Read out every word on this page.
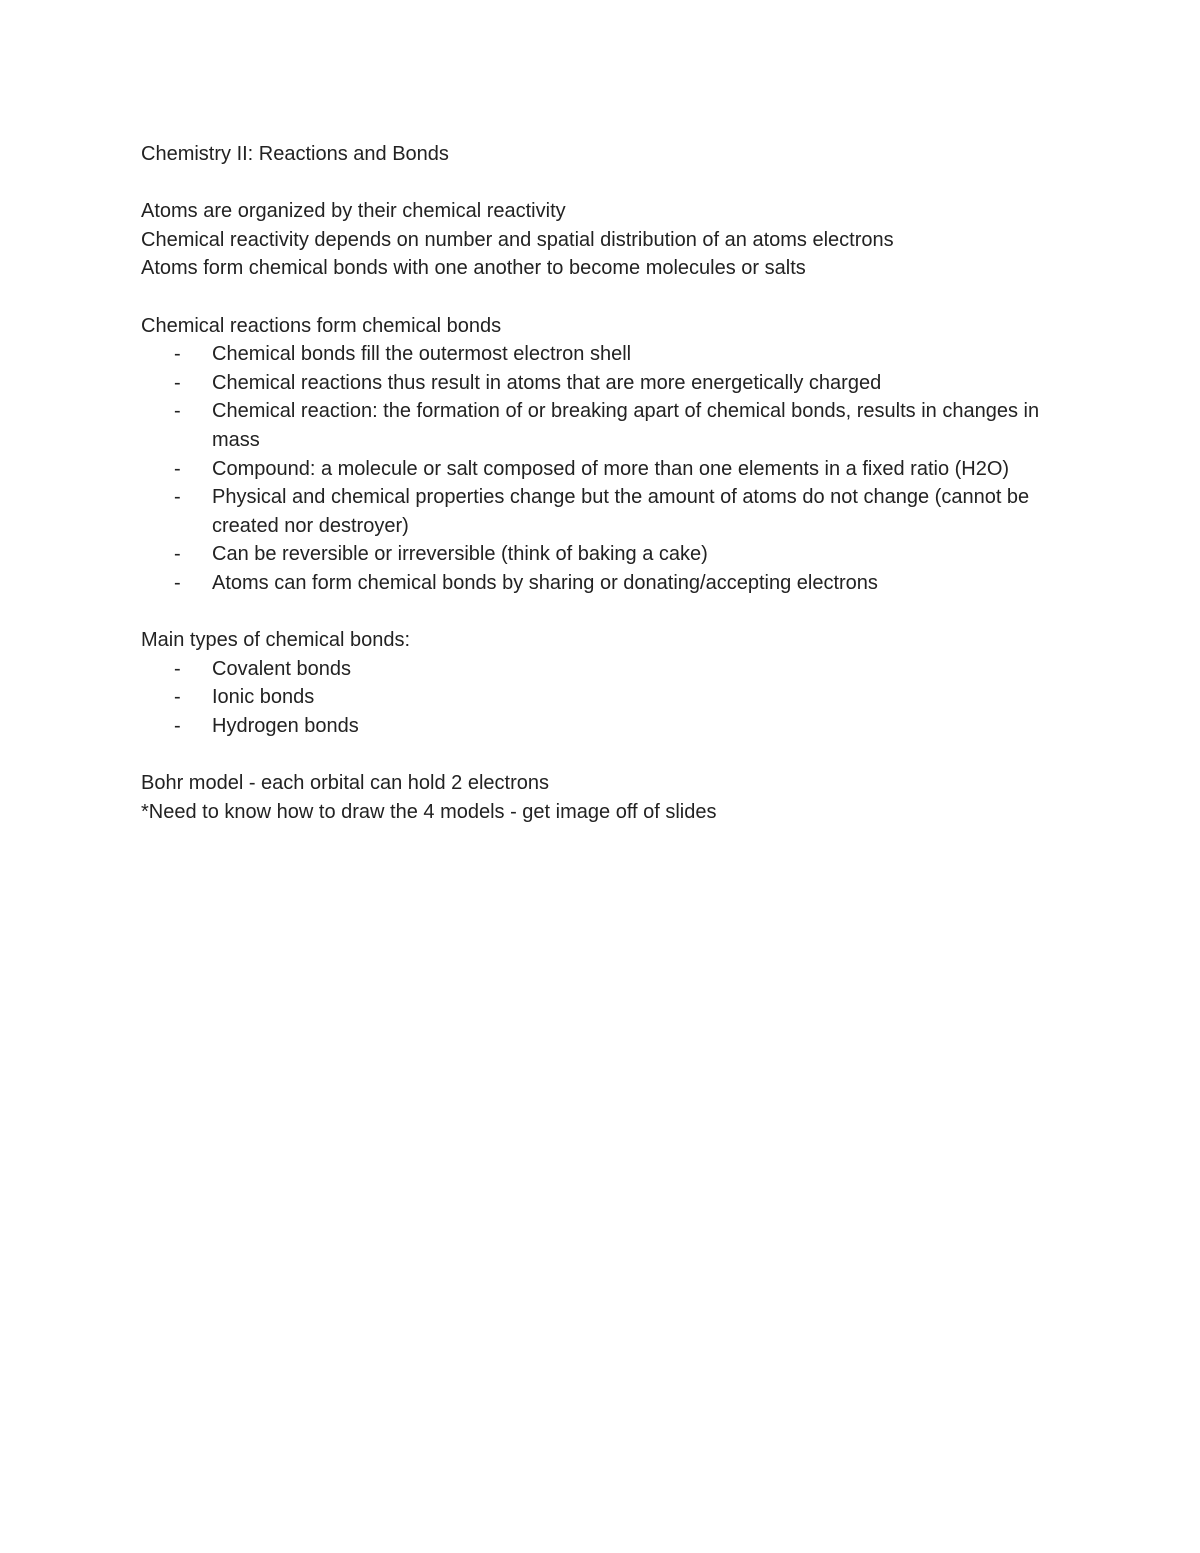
Chemistry II: Reactions and Bonds
Atoms are organized by their chemical reactivity
Chemical reactivity depends on number and spatial distribution of an atoms electrons
Atoms form chemical bonds with one another to become molecules or salts
Chemical reactions form chemical bonds
- Chemical bonds fill the outermost electron shell
- Chemical reactions thus result in atoms that are more energetically charged
- Chemical reaction: the formation of or breaking apart of chemical bonds, results in changes in mass
- Compound: a molecule or salt composed of more than one elements in a fixed ratio (H2O)
- Physical and chemical properties change but the amount of atoms do not change (cannot be created nor destroyer)
- Can be reversible or irreversible (think of baking a cake)
- Atoms can form chemical bonds by sharing or donating/accepting electrons
Main types of chemical bonds:
- Covalent bonds
- Ionic bonds
- Hydrogen bonds
Bohr model - each orbital can hold 2 electrons
*Need to know how to draw the 4 models - get image off of slides
